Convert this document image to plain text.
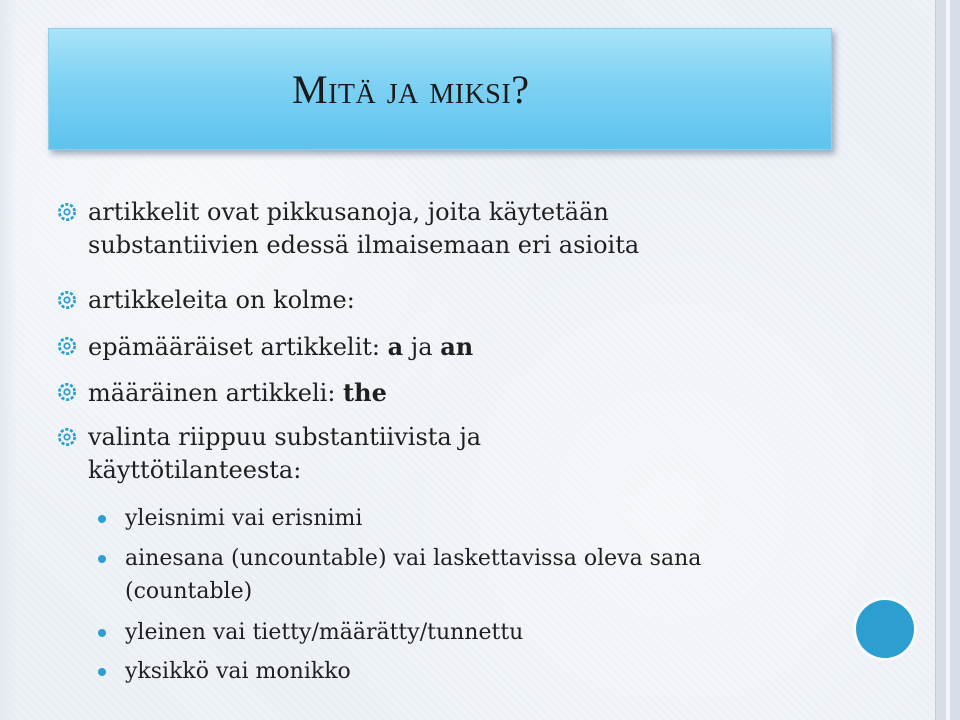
MITÄ JA MIKSI?
artikkelit ovat pikkusanoja, joita käytetään
substantiivien edessä ilmaisemaan eri asioita
artikkeleita on kolme:
epämääräiset artikkelit: a ja an
määräinen artikkeli: the
valinta riippuu substantiivista ja
käyttötilanteesta:
yleisnimi vai erisnimi
ainesana (uncountable) vai laskettavissa oleva sana
(countable)
yleinen vai tietty/määrätty/tunnettu
yksikkö vai monikko
